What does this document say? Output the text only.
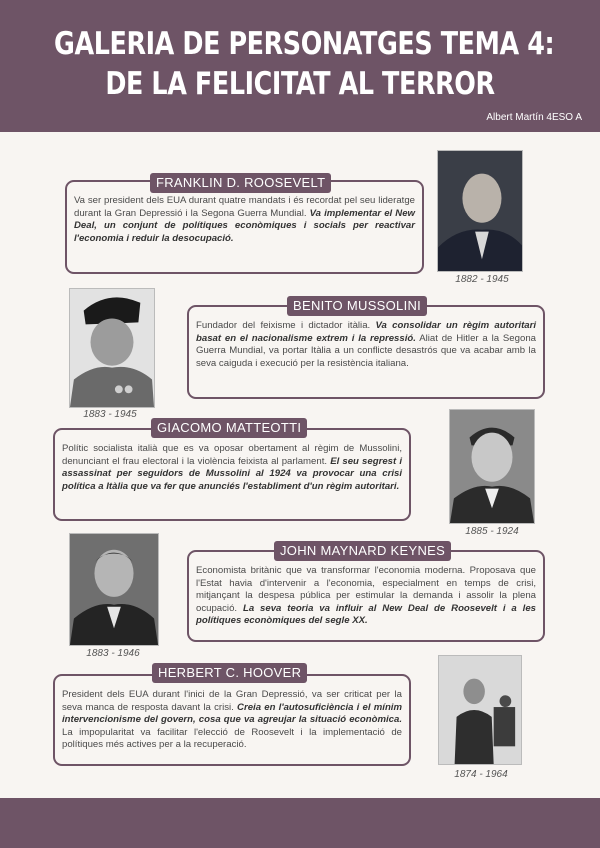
GALERIA DE PERSONATGES TEMA 4:
DE LA FELICITAT AL TERROR
Albert Martín 4ESO A
Va ser president dels EUA durant quatre mandats i és recordat pel seu lideratge durant la Gran Depressió i la Segona Guerra Mundial. Va implementar el New Deal, un conjunt de polítiques econòmiques i socials per reactivar l'economia i reduir la desocupació.
FRANKLIN D. ROOSEVELT
1882 - 1945
1883 - 1945
Fundador del feixisme i dictador itàlia. Va consolidar un règim autoritari basat en el nacionalisme extrem i la repressió. Aliat de Hitler a la Segona Guerra Mundial, va portar Itàlia a un conflicte desastrós que va acabar amb la seva caiguda i execució per la resistència italiana.
BENITO MUSSOLINI
Polític socialista italià que es va oposar obertament al règim de Mussolini, denunciant el frau electoral i la violència feixista al parlament. El seu segrest i assassinat per seguidors de Mussolini al 1924 va provocar una crisi política a Itàlia que va fer que anunciés l'establiment d'un règim autoritari.
GIACOMO MATTEOTTI
1885 - 1924
1883 - 1946
Economista britànic que va transformar l'economia moderna. Proposava que l'Estat havia d'intervenir a l'economia, especialment en temps de crisi, mitjançant la despesa pública per estimular la demanda i assolir la plena ocupació. La seva teoria va influir al New Deal de Roosevelt i a les polítiques econòmiques del segle XX.
JOHN MAYNARD KEYNES
President dels EUA durant l'inici de la Gran Depressió, va ser criticat per la seva manca de resposta davant la crisi. Creia en l'autosuficiència i el mínim intervencionisme del govern, cosa que va agreujar la situació econòmica. La impopularitat va facilitar l'elecció de Roosevelt i la implementació de polítiques més actives per a la recuperació.
HERBERT C. HOOVER
1874 - 1964
